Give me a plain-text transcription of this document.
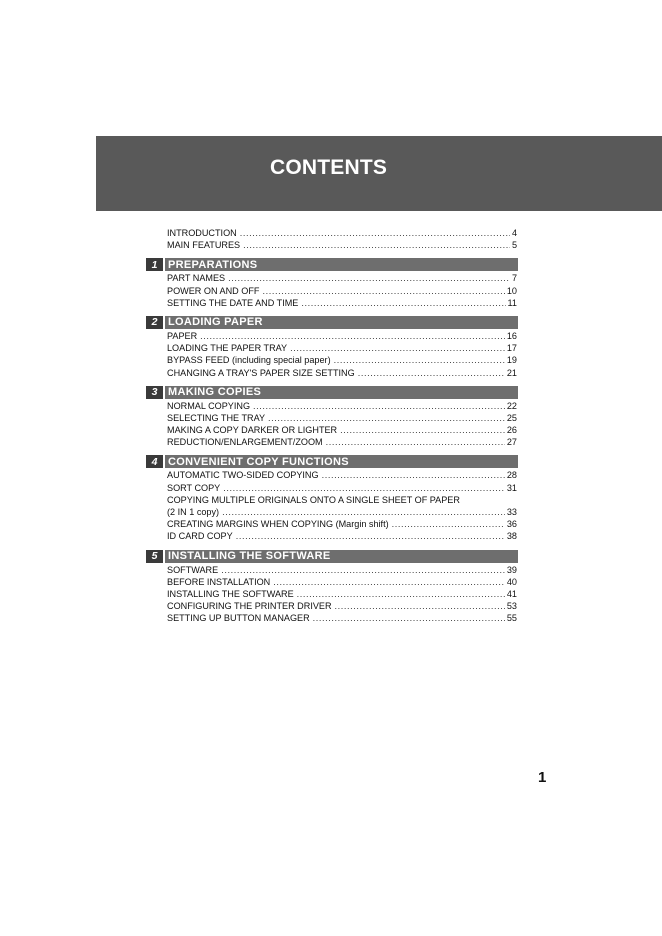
CONTENTS
INTRODUCTION .....	4
MAIN FEATURES .....	5
1 PREPARATIONS
PART NAMES .....	7
POWER ON AND OFF .....	10
SETTING THE DATE AND TIME .....	11
2 LOADING PAPER
PAPER .....	16
LOADING THE PAPER TRAY .....	17
BYPASS FEED (including special paper) .....	19
CHANGING A TRAY'S PAPER SIZE SETTING .....	21
3 MAKING COPIES
NORMAL COPYING .....	22
SELECTING THE TRAY .....	25
MAKING A COPY DARKER OR LIGHTER .....	26
REDUCTION/ENLARGEMENT/ZOOM .....	27
4 CONVENIENT COPY FUNCTIONS
AUTOMATIC TWO-SIDED COPYING .....	28
SORT COPY .....	31
COPYING MULTIPLE ORIGINALS ONTO A SINGLE SHEET OF PAPER
(2 IN 1 copy) .....	33
CREATING MARGINS WHEN COPYING (Margin shift) .....	36
ID CARD COPY .....	38
5 INSTALLING THE SOFTWARE
SOFTWARE .....	39
BEFORE INSTALLATION .....	40
INSTALLING THE SOFTWARE .....	41
CONFIGURING THE PRINTER DRIVER .....	53
SETTING UP BUTTON MANAGER .....	55
1
